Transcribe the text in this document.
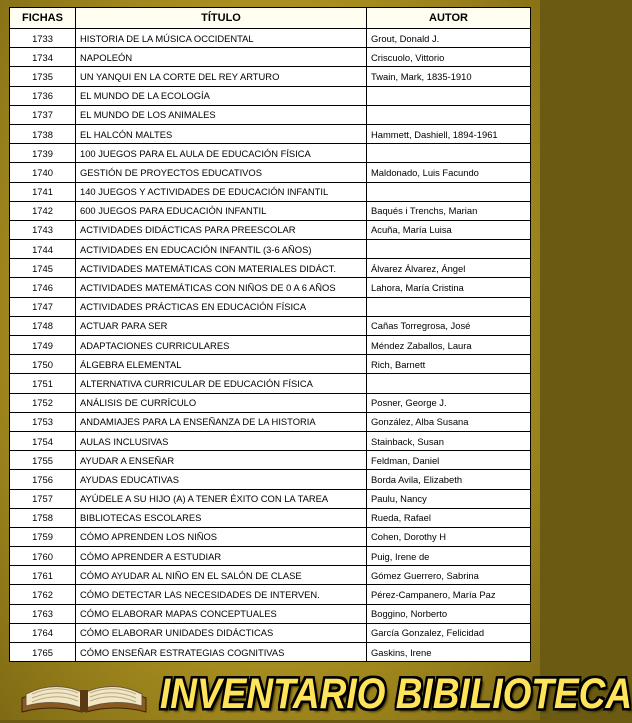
FICHAS	TÍTULO	AUTOR
1733	HISTORIA DE LA MÚSICA OCCIDENTAL	Grout, Donald J.
1734	NAPOLEÓN	Criscuolo, Vittorio
1735	UN YANQUI EN LA CORTE DEL REY ARTURO	Twain, Mark, 1835-1910
1736	EL MUNDO DE LA ECOLOGÍA	
1737	EL MUNDO DE LOS ANIMALES	
1738	EL HALCÓN MALTES	Hammett, Dashiell, 1894-1961
1739	100 JUEGOS PARA EL AULA DE EDUCACIÓN FÍSICA	
1740	GESTIÓN DE PROYECTOS EDUCATIVOS	Maldonado, Luis Facundo
1741	140 JUEGOS Y ACTIVIDADES DE EDUCACIÓN INFANTIL	
1742	600 JUEGOS PARA EDUCACIÓN INFANTIL	Baqués i Trenchs, Marian
1743	ACTIVIDADES DIDÁCTICAS PARA PREESCOLAR	Acuña, María Luisa
1744	ACTIVIDADES EN EDUCACIÓN INFANTIL (3-6 AÑOS)	
1745	ACTIVIDADES MATEMÁTICAS CON MATERIALES DIDÁCT.	Álvarez Álvarez, Ángel
1746	ACTIVIDADES MATEMÁTICAS CON NIÑOS DE 0 A 6 AÑOS	Lahora, María Cristina
1747	ACTIVIDADES PRÁCTICAS EN EDUCACIÓN FÍSICA	
1748	ACTUAR PARA SER	Cañas Torregrosa, José
1749	ADAPTACIONES CURRICULARES	Méndez Zaballos, Laura
1750	ÁLGEBRA ELEMENTAL	Rich, Barnett
1751	ALTERNATIVA CURRICULAR DE EDUCACIÓN FÍSICA	
1752	ANÁLISIS DE CURRÍCULO	Posner, George J.
1753	ANDAMIAJES PARA LA ENSEÑANZA DE LA HISTORIA	González, Alba Susana
1754	AULAS INCLUSIVAS	Stainback, Susan
1755	AYUDAR A ENSEÑAR	Feldman, Daniel
1756	AYUDAS EDUCATIVAS	Borda Avila, Elizabeth
1757	AYÚDELE A SU HIJO (A) A TENER ÉXITO CON LA TAREA	Paulu, Nancy
1758	BIBLIOTECAS ESCOLARES	Rueda, Rafael
1759	CÓMO APRENDEN LOS NIÑOS	Cohen, Dorothy H
1760	CÓMO APRENDER A ESTUDIAR	Puig, Irene de
1761	CÓMO AYUDAR AL NIÑO EN EL SALÓN DE CLASE	Gómez Guerrero, Sabrina
1762	CÓMO DETECTAR LAS NECESIDADES DE INTERVEN.	Pérez-Campanero, María Paz
1763	CÓMO ELABORAR MAPAS CONCEPTUALES	Boggino, Norberto
1764	CÓMO ELABORAR UNIDADES DIDÁCTICAS	García Gonzalez, Felicidad
1765	CÓMO ENSEÑAR ESTRATEGIAS COGNITIVAS	Gaskins, Irene
INVENTARIO BIBILIOTECA
